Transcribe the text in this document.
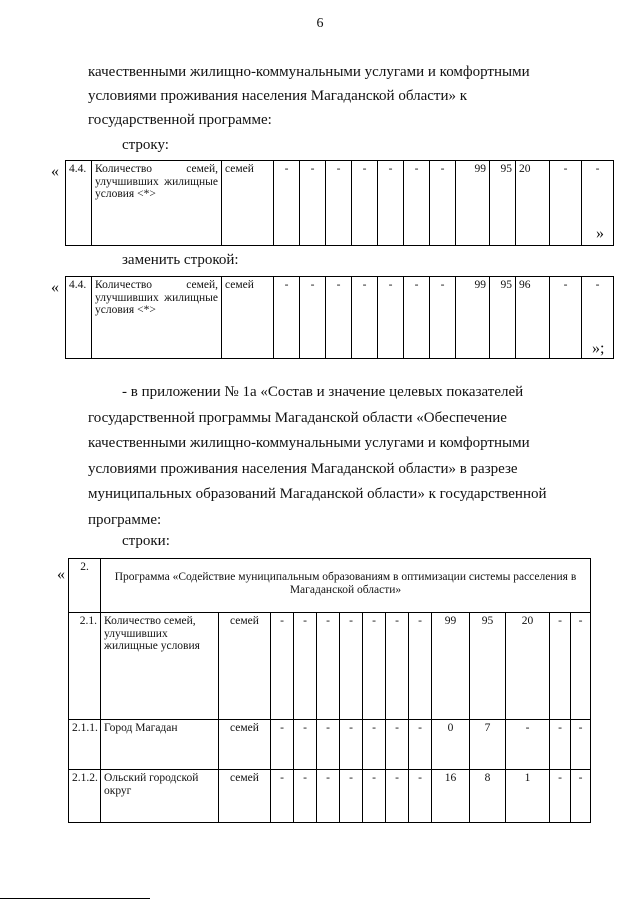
6
качественными жилищно-коммунальными услугами и комфортными
условиями проживания населения Магаданской области» к
государственной программе:
строку:
« 4.4.	Количество семей, улучшивших жилищные условия <*>	семей	-	-	-	-	-	-	-	99	95	20	-	-
»
заменить строкой:
« 4.4.	Количество семей, улучшивших жилищные условия <*>	семей	-	-	-	-	-	-	-	99	95	96	-	-
»;
- в приложении № 1а «Состав и значение целевых показателей
государственной программы Магаданской области «Обеспечение
качественными жилищно-коммунальными услугами и комфортными
условиями проживания населения Магаданской области» в разрезе
муниципальных образований Магаданской области» к государственной
программе:
строки:
« 2.	Программа «Содействие муниципальным образованиям в оптимизации системы расселения в Магаданской области»													
2.1.	Количество семей, улучшивших жилищные условия	семей	-	-	-	-	-	-	-	99	95	20	-	-
2.1.1.	Город Магадан	семей	-	-	-	-	-	-	-	0	7	-	-	-
2.1.2.	Ольский городской округ	семей	-	-	-	-	-	-	-	16	8	1	-	-
